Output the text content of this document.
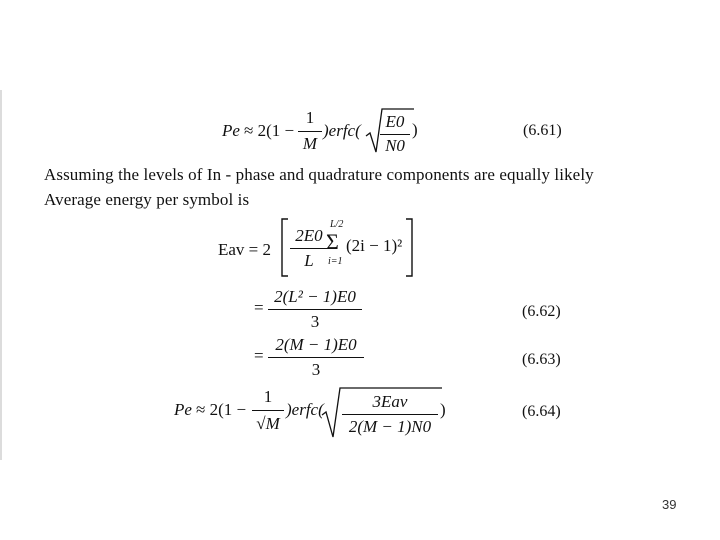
Pe ≈ 2(1 −
1
M
)erfc(	E0
N0
)	(6.61)
Assuming the levels of In - phase and quadrature components are equally likely
Average energy per symbol is
Eav = 2
2E0
L
L/2
Σ
i=1
(2i − 1)²
=
2(L² − 1)E0
3
(6.62)
=
2(M − 1)E0
3
(6.63)
Pe ≈ 2(1 −
1
√M
)erfc(	3Eav
2(M − 1)N0
)	(6.64)
39
